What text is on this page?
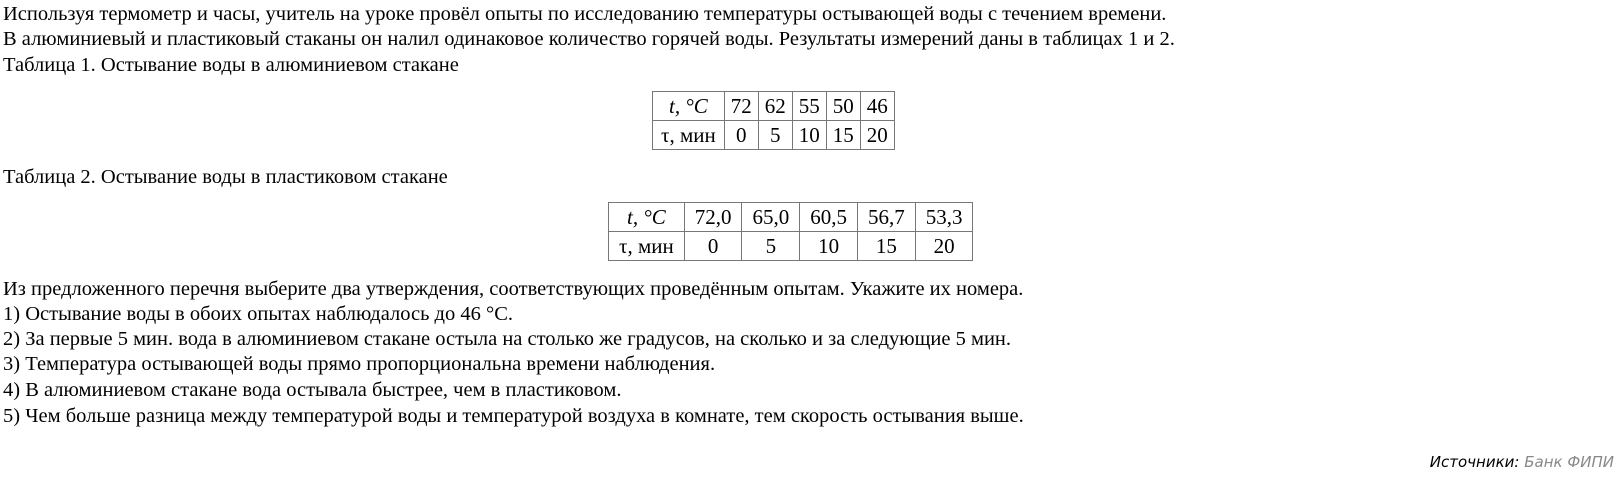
Используя термометр и часы, учитель на уроке провёл опыты по исследованию температуры остывающей воды с течением времени.
В алюминиевый и пластиковый стаканы он налил одинаковое количество горячей воды. Результаты измерений даны в таблицах 1 и 2.
Таблица 1. Остывание воды в алюминиевом стакане
t, °C	72	62	55	50	46
τ, мин	0	5	10	15	20
Таблица 2. Остывание воды в пластиковом стакане
t, °C	72,0	65,0	60,5	56,7	53,3
τ, мин	0	5	10	15	20
Из предложенного перечня выберите два утверждения, соответствующих проведённым опытам. Укажите их номера.
1) Остывание воды в обоих опытах наблюдалось до 46 °C.
2) За первые 5 мин. вода в алюминиевом стакане остыла на столько же градусов, на сколько и за следующие 5 мин.
3) Температура остывающей воды прямо пропорциональна времени наблюдения.
4) В алюминиевом стакане вода остывала быстрее, чем в пластиковом.
5) Чем больше разница между температурой воды и температурой воздуха в комнате, тем скорость остывания выше.
Источники: Банк ФИПИ
